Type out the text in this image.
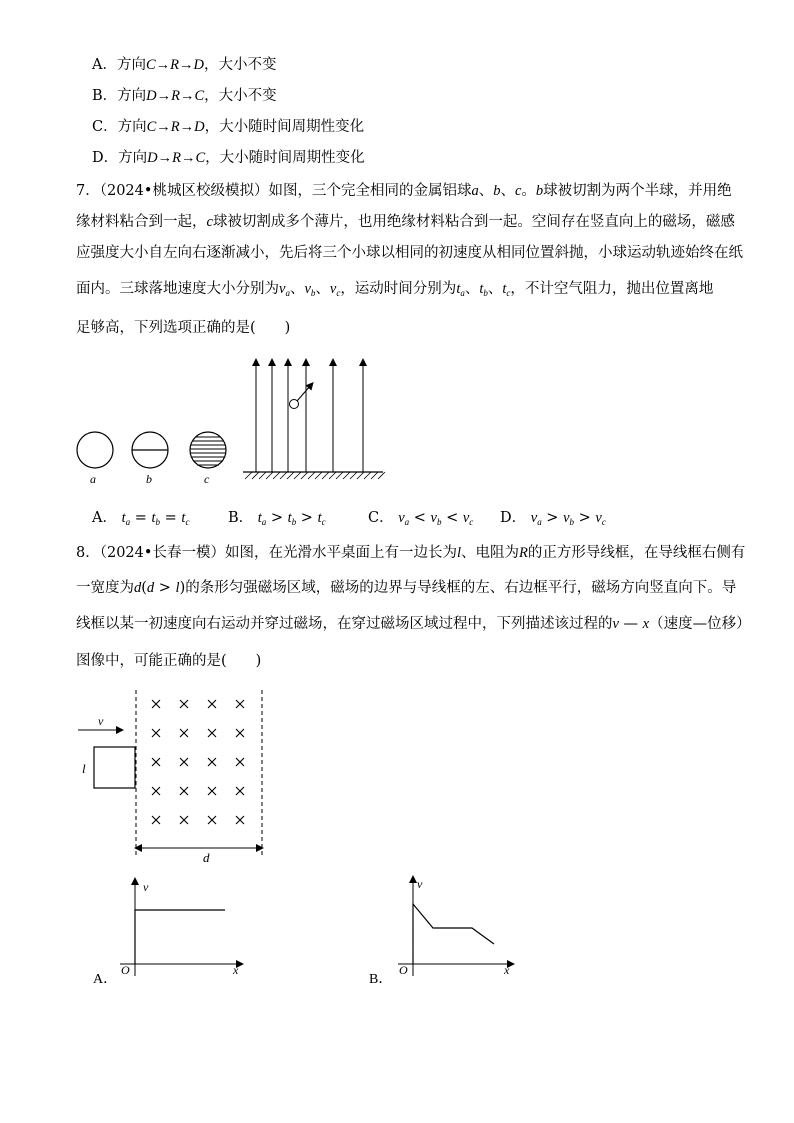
A．方向C→R→D，大小不变
B．方向D→R→C，大小不变
C．方向C→R→D，大小随时间周期性变化
D．方向D→R→C，大小随时间周期性变化
7．（2024•桃城区校级模拟）如图，三个完全相同的金属铝球a、b、c。b球被切割为两个半球，并用绝
缘材料粘合到一起，c球被切割成多个薄片，也用绝缘材料粘合到一起。空间存在竖直向上的磁场，磁感
应强度大小自左向右逐渐减小，先后将三个小球以相同的初速度从相同位置斜抛，小球运动轨迹始终在纸
面内。三球落地速度大小分别为$v_a$、$v_b$、$v_c$，运动时间分别为$t_a$、$t_b$、$t_c$，不计空气阻力，抛出位置离地
足够高，下列选项正确的是(　　)
a	b	c
A． $t_a = t_b = t_c$	B． $t_a > t_b > t_c$	C． $v_a < v_b < v_c$ D． $v_a > v_b > v_c$
8．（2024•长春一模）如图，在光滑水平桌面上有一边长为l、电阻为R的正方形导线框，在导线框右侧有
一宽度为d(d > l)的条形匀强磁场区域，磁场的边界与导线框的左、右边框平行，磁场方向竖直向下。导
线框以某一初速度向右运动并穿过磁场，在穿过磁场区域过程中，下列描述该过程的v — x（速度—位移）
图像中，可能正确的是(　　)
v
l
d
v
O	x
A．
v
O	x
B．
